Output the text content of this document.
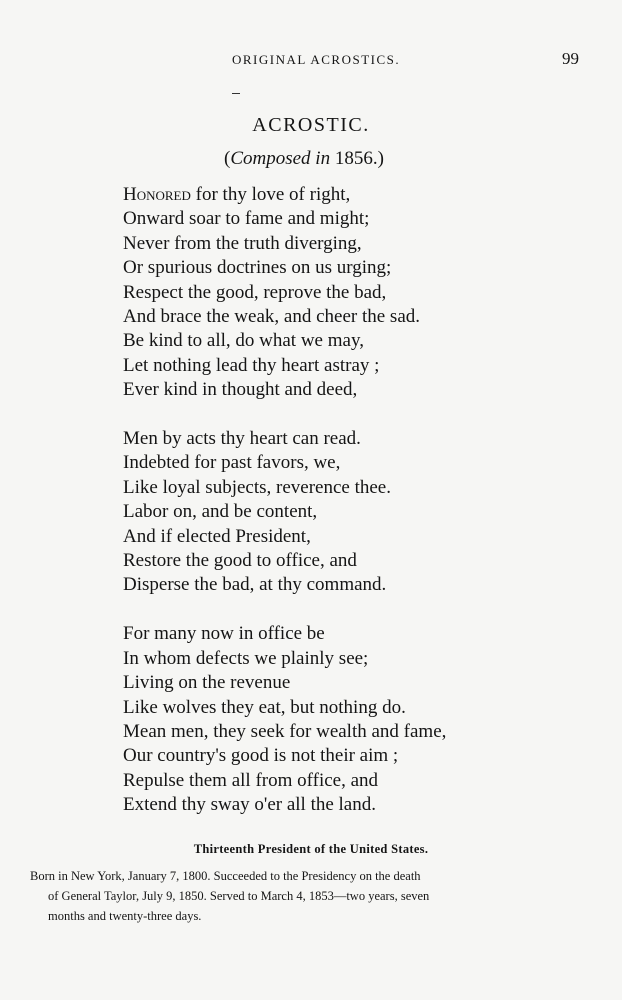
ORIGINAL ACROSTICS.	99
ACROSTIC.
(Composed in 1856.)
Honored for thy love of right,
Onward soar to fame and might;
Never from the truth diverging,
Or spurious doctrines on us urging;
Respect the good, reprove the bad,
And brace the weak, and cheer the sad.
Be kind to all, do what we may,
Let nothing lead thy heart astray ;
Ever kind in thought and deed,
Men by acts thy heart can read.
Indebted for past favors, we,
Like loyal subjects, reverence thee.
Labor on, and be content,
And if elected President,
Restore the good to office, and
Disperse the bad, at thy command.
For many now in office be
In whom defects we plainly see;
Living on the revenue
Like wolves they eat, but nothing do.
Mean men, they seek for wealth and fame,
Our country's good is not their aim ;
Repulse them all from office, and
Extend thy sway o'er all the land.
Thirteenth President of the United States.
Born in New York, January 7, 1800. Succeeded to the Presidency on the death
of General Taylor, July 9, 1850. Served to March 4, 1853—two years, seven
months and twenty-three days.
